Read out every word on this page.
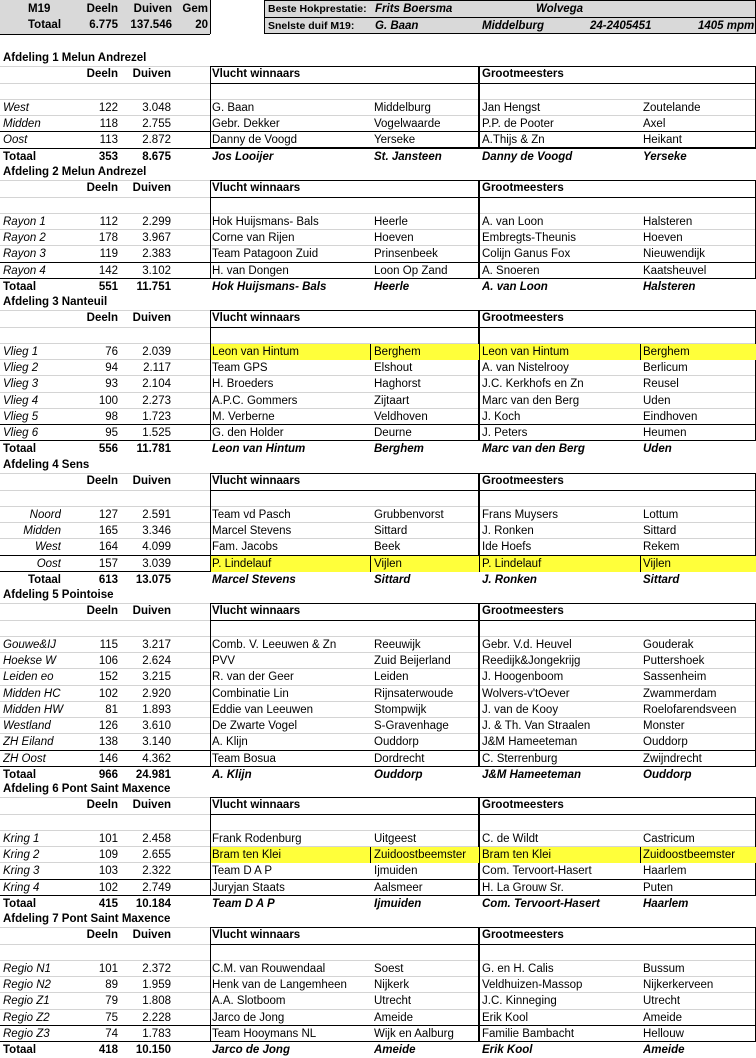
M19	Deeln	Duiven Gem
Totaal	6.775	137.546	20
Beste Hokprestatie: Frits Boersma	Wolvega
Snelste duif M19: G. Baan	Middelburg	24-2405451	1405 mpm
Afdeling 1 Melun Andrezel
Deeln	Duiven	Vlucht winnaars	Grootmeesters
West	122	3.048	G. Baan	Middelburg	Jan Hengst	Zoutelande
Midden	118	2.755	Gebr. Dekker	Vogelwaarde	P.P. de Pooter	Axel
Oost	113	2.872	Danny de Voogd	Yerseke	A.Thijs & Zn	Heikant
Totaal	353	8.675	Jos Looijer	St. Jansteen	Danny de Voogd	Yerseke
Afdeling 2 Melun Andrezel
Deeln	Duiven	Vlucht winnaars	Grootmeesters
Rayon 1	112	2.299	Hok Huijsmans- Bals	Heerle	A. van Loon	Halsteren
Rayon 2	178	3.967	Corne van Rijen	Hoeven	Embregts-Theunis	Hoeven
Rayon 3	119	2.383	Team Patagoon Zuid	Prinsenbeek	Colijn Ganus Fox	Nieuwendijk
Rayon 4	142	3.102	H. van Dongen	Loon Op Zand	A. Snoeren	Kaatsheuvel
Totaal	551	11.751	Hok Huijsmans- Bals	Heerle	A. van Loon	Halsteren
Afdeling 3 Nanteuil
Deeln	Duiven	Vlucht winnaars	Grootmeesters
Vlieg 1	76	2.039	Leon van Hintum	Berghem	Leon van Hintum	Berghem
Vlieg 2	94	2.117	Team GPS	Elshout	A. van Nistelrooy	Berlicum
Vlieg 3	93	2.104	H. Broeders	Haghorst	J.C. Kerkhofs en Zn	Reusel
Vlieg 4	100	2.273	A.P.C. Gommers	Zijtaart	Marc van den Berg	Uden
Vlieg 5	98	1.723	M. Verberne	Veldhoven	J. Koch	Eindhoven
Vlieg 6	95	1.525	G. den Holder	Deurne	J. Peters	Heumen
Totaal	556	11.781	Leon van Hintum	Berghem	Marc van den Berg	Uden
Afdeling 4 Sens
Deeln	Duiven	Vlucht winnaars	Grootmeesters
Noord	127	2.591	Team vd Pasch	Grubbenvorst	Frans Muysers	Lottum
Midden	165	3.346	Marcel Stevens	Sittard	J. Ronken	Sittard
West	164	4.099	Fam. Jacobs	Beek	Ide Hoefs	Rekem
Oost	157	3.039	P. Lindelauf	Vijlen	P. Lindelauf	Vijlen
Totaal	613	13.075	Marcel Stevens	Sittard	J. Ronken	Sittard
Afdeling 5 Pointoise
Deeln	Duiven	Vlucht winnaars	Grootmeesters
Gouwe&IJ	115	3.217	Comb. V. Leeuwen & Zn	Reeuwijk	Gebr. V.d. Heuvel	Gouderak
Hoekse W	106	2.624	PVV	Zuid Beijerland	Reedijk&Jongekrijg	Puttershoek
Leiden eo	152	3.215	R. van der Geer	Leiden	J. Hoogenboom	Sassenheim
Midden HC	102	2.920	Combinatie Lin	Rijnsaterwoude	Wolvers-v'tOever	Zwammerdam
Midden HW	81	1.893	Eddie van Leeuwen	Stompwijk	J. van de Kooy	Roelofarendsveen
Westland	126	3.610	De Zwarte Vogel	S-Gravenhage	J. & Th. Van Straalen	Monster
ZH Eiland	138	3.140	A. Klijn	Ouddorp	J&M Hameeteman	Ouddorp
ZH Oost	146	4.362	Team Bosua	Dordrecht	C. Sterrenburg	Zwijndrecht
Totaal	966	24.981	A. Klijn	Ouddorp	J&M Hameeteman	Ouddorp
Afdeling 6 Pont Saint Maxence
Deeln	Duiven	Vlucht winnaars	Grootmeesters
Kring 1	101	2.458	Frank Rodenburg	Uitgeest	C. de Wildt	Castricum
Kring 2	109	2.655	Bram ten Klei	Zuidoostbeemster	Bram ten Klei	Zuidoostbeemster
Kring 3	103	2.322	Team D A P	Ijmuiden	Com. Tervoort-Hasert	Haarlem
Kring 4	102	2.749	Juryjan Staats	Aalsmeer	H. La Grouw Sr.	Puten
Totaal	415	10.184	Team D A P	Ijmuiden	Com. Tervoort-Hasert	Haarlem
Afdeling 7 Pont Saint Maxence
Deeln	Duiven	Vlucht winnaars	Grootmeesters
Regio N1	101	2.372	C.M. van Rouwendaal	Soest	G. en H. Calis	Bussum
Regio N2	89	1.959	Henk van de Langemheen	Nijkerk	Veldhuizen-Massop	Nijkerkerveen
Regio Z1	79	1.808	A.A. Slotboom	Utrecht	J.C. Kinneging	Utrecht
Regio Z2	75	2.228	Jarco de Jong	Ameide	Erik Kool	Ameide
Regio Z3	74	1.783	Team Hooymans NL	Wijk en Aalburg	Familie Bambacht	Hellouw
Totaal	418	10.150	Jarco de Jong	Ameide	Erik Kool	Ameide
